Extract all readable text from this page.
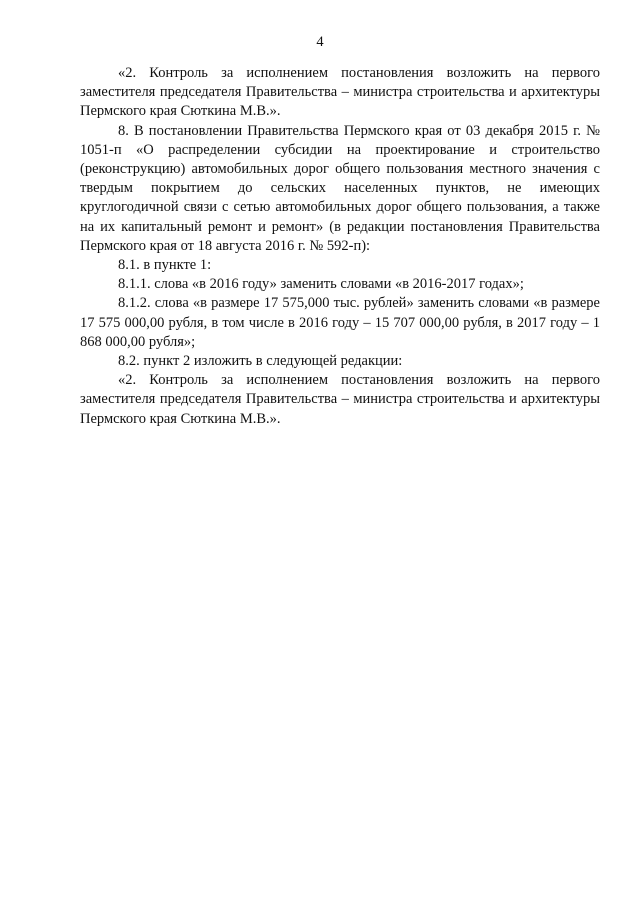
4

«2. Контроль за исполнением постановления возложить на первого заместителя председателя Правительства – министра строительства и архитектуры Пермского края Сюткина М.В.».

8. В постановлении Правительства Пермского края от 03 декабря 2015 г. № 1051-п «О распределении субсидии на проектирование и строительство (реконструкцию) автомобильных дорог общего пользования местного значения с твердым покрытием до сельских населенных пунктов, не имеющих круглогодичной связи с сетью автомобильных дорог общего пользования, а также на их капитальный ремонт и ремонт» (в редакции постановления Правительства Пермского края от 18 августа 2016 г. № 592-п):

8.1. в пункте 1:

8.1.1. слова «в 2016 году» заменить словами «в 2016-2017 годах»;

8.1.2. слова «в размере 17 575,000 тыс. рублей» заменить словами «в размере 17 575 000,00 рубля, в том числе в 2016 году – 15 707 000,00 рубля, в 2017 году – 1 868 000,00 рубля»;

8.2. пункт 2 изложить в следующей редакции:

«2. Контроль за исполнением постановления возложить на первого заместителя председателя Правительства – министра строительства и архитектуры Пермского края Сюткина М.В.».
